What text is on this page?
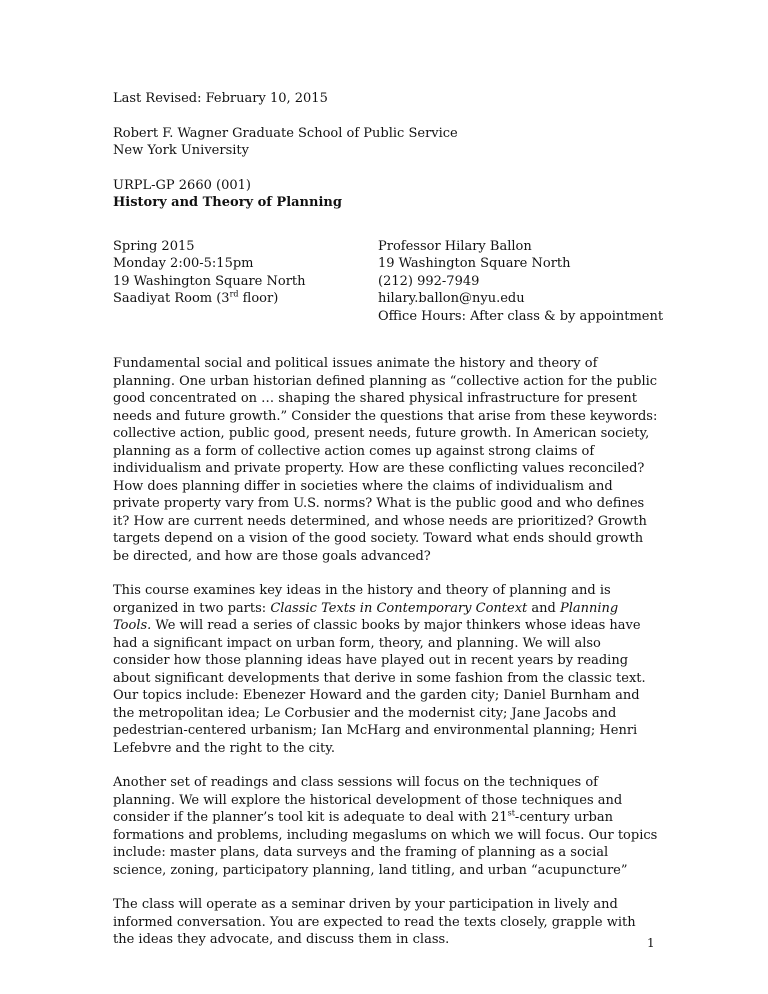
Last Revised: February 10, 2015

Robert F. Wagner Graduate School of Public Service

New York University

URPL-GP 2660 (001)

History and Theory of Planning

Spring 2015

Monday 2:00-5:15pm

19 Washington Square North

Saadiyat Room (3rd floor)

Professor Hilary Ballon

19 Washington Square North

(212) 992-7949

hilary.ballon@nyu.edu

Office Hours: After class & by appointment

Fundamental social and political issues animate the history and theory of planning. One urban historian defined planning as “collective action for the public good concentrated on … shaping the shared physical infrastructure for present needs and future growth.” Consider the questions that arise from these keywords: collective action, public good, present needs, future growth. In American society, planning as a form of collective action comes up against strong claims of individualism and private property. How are these conflicting values reconciled? How does planning differ in societies where the claims of individualism and private property vary from U.S. norms? What is the public good and who defines it? How are current needs determined, and whose needs are prioritized? Growth targets depend on a vision of the good society. Toward what ends should growth be directed, and how are those goals advanced?

This course examines key ideas in the history and theory of planning and is organized in two parts: Classic Texts in Contemporary Context and Planning Tools. We will read a series of classic books by major thinkers whose ideas have had a significant impact on urban form, theory, and planning. We will also consider how those planning ideas have played out in recent years by reading about significant developments that derive in some fashion from the classic text. Our topics include: Ebenezer Howard and the garden city; Daniel Burnham and the metropolitan idea; Le Corbusier and the modernist city; Jane Jacobs and pedestrian-centered urbanism; Ian McHarg and environmental planning; Henri Lefebvre and the right to the city.

Another set of readings and class sessions will focus on the techniques of planning. We will explore the historical development of those techniques and consider if the planner’s tool kit is adequate to deal with 21st-century urban formations and problems, including megaslums on which we will focus. Our topics include: master plans, data surveys and the framing of planning as a social science, zoning, participatory planning, land titling, and urban “acupuncture”

The class will operate as a seminar driven by your participation in lively and informed conversation. You are expected to read the texts closely, grapple with the ideas they advocate, and discuss them in class.	1
